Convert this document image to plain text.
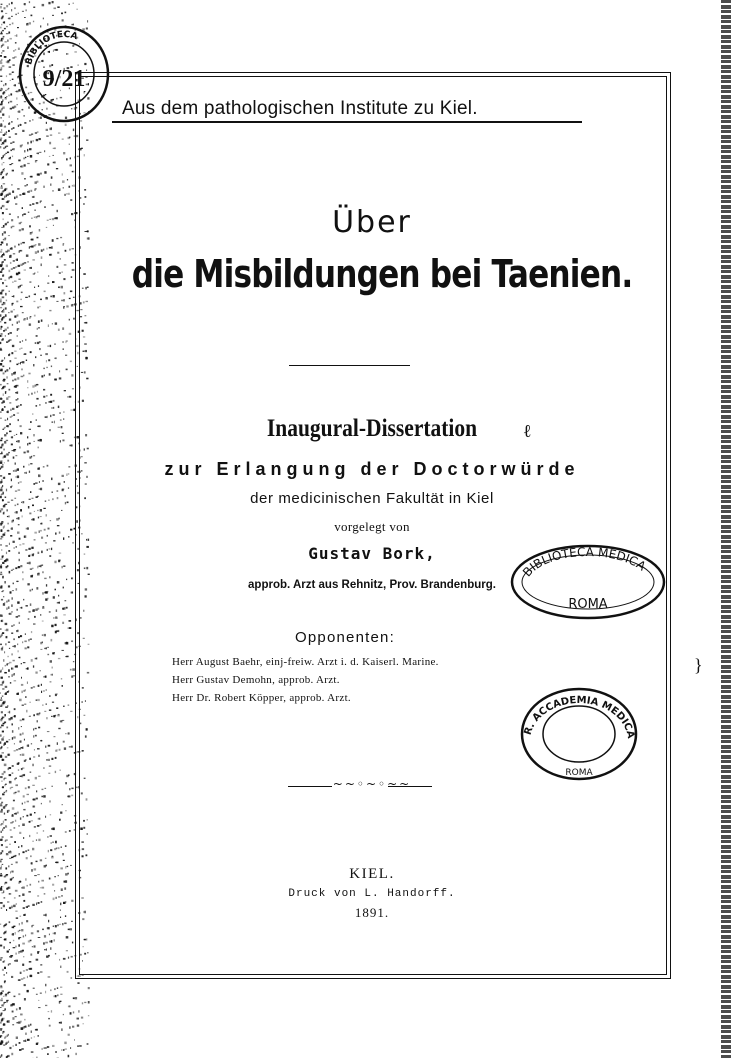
BIBLIOTECA
9/21
Aus dem pathologischen Institute zu Kiel.
Über
die Misbildungen bei Taenien.
Inaugural-Dissertation	ℓ
zur Erlangung der Doctorwürde
der medicinischen Fakultät in Kiel
vorgelegt von
Gustav Bork,
approb. Arzt aus Rehnitz, Prov. Brandenburg.
BIBLIOTECA MEDICA
ROMA
Opponenten:
Herr August Baehr, einj-freiw. Arzt i. d. Kaiserl. Marine.
Herr Gustav Demohn, approb. Arzt.
Herr Dr. Robert Köpper, approb. Arzt.
}
R. ACCADEMIA MEDICA
ROMA
~~◦~◦~~
KIEL.
Druck von L. Handorff.
1891.
